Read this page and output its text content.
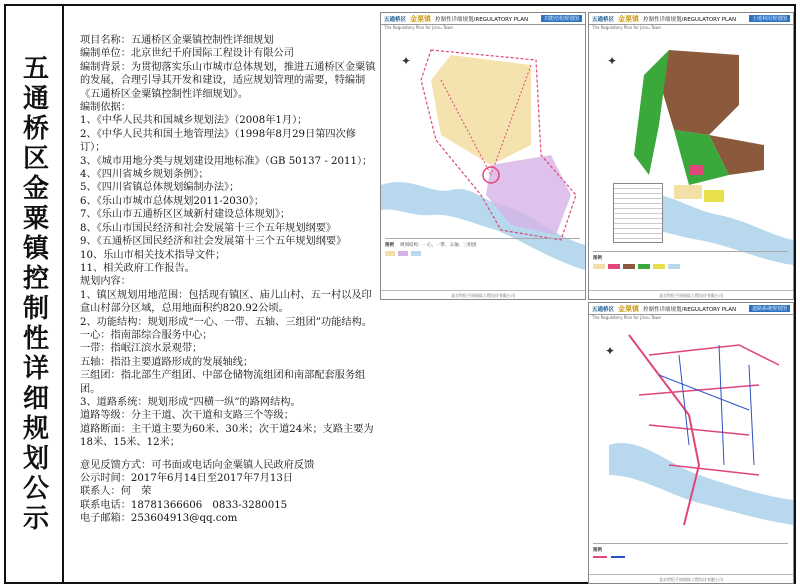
五通桥区金粟镇控制性详细规划公示

项目名称：五通桥区金粟镇控制性详细规划

编制单位：北京世纪千府国际工程设计有限公司

编制背景：为贯彻落实乐山市城市总体规划，推进五通桥区金粟镇的发展，合理引导其开发和建设，适应规划管理的需要，特编制《五通桥区金粟镇控制性详细规划》。

编制依据：

1、《中华人民共和国城乡规划法》（2008年1月）；

2、《中华人民共和国土地管理法》（1998年8月29日第四次修订）；

3、《城市用地分类与规划建设用地标准》（GB 50137 - 2011）；

4、《四川省城乡规划条例》；

5、《四川省镇总体规划编制办法》；

6、《乐山市城市总体规划2011-2030》；

7、《乐山市五通桥区区域新村建设总体规划》；

8、《乐山市国民经济和社会发展第十三个五年规划纲要》

9、《五通桥区国民经济和社会发展第十三个五年规划纲要》

10、乐山市相关技术指导文件；

11、相关政府工作报告。

规划内容：

1、镇区规划用地范围：包括现有镇区、庙儿山村、五一村以及印盒山村部分区域，总用地面积约820.92公顷。

2、功能结构：规划形成“一心、一带、五轴、三组团”功能结构。

一心：指南部综合服务中心；

一带：指岷江滨水景观带；

五轴：指沿主要道路形成的发展轴线；

三组团：指北部生产组团、中部仓储物流组团和南部配套服务组团。

3、道路系统：规划形成“四横一纵”的路网结构。

道路等级：分主干道、次干道和支路三个等级；

道路断面：主干道主要为60米、30米；次干道24米；支路主要为18米、15米、12米；

意见反馈方式：可书面或电话向金粟镇人民政府反馈

公示时间：2017年6月14日至2017年7月13日

联系人：何　荣

联系电话：18781366606　0833-3280015

电子邮箱：253604913@qq.com

五通桥区 金粟镇 控制性详细规划/REGULATORY PLAN	功能结构规划图
The Regulatory Plan for Jinsu Town
✦
图例 规划结构：一心、一带、五轴、三组团
北京世纪千府国际工程设计有限公司
五通桥区 金粟镇 控制性详细规划/REGULATORY PLAN	土地利用规划图
The Regulatory Plan for Jinsu Town
✦
图例
北京世纪千府国际工程设计有限公司
五通桥区 金粟镇 控制性详细规划/REGULATORY PLAN	道路系统规划图
The Regulatory Plan for Jinsu Town
✦
图例
北京世纪千府国际工程设计有限公司
